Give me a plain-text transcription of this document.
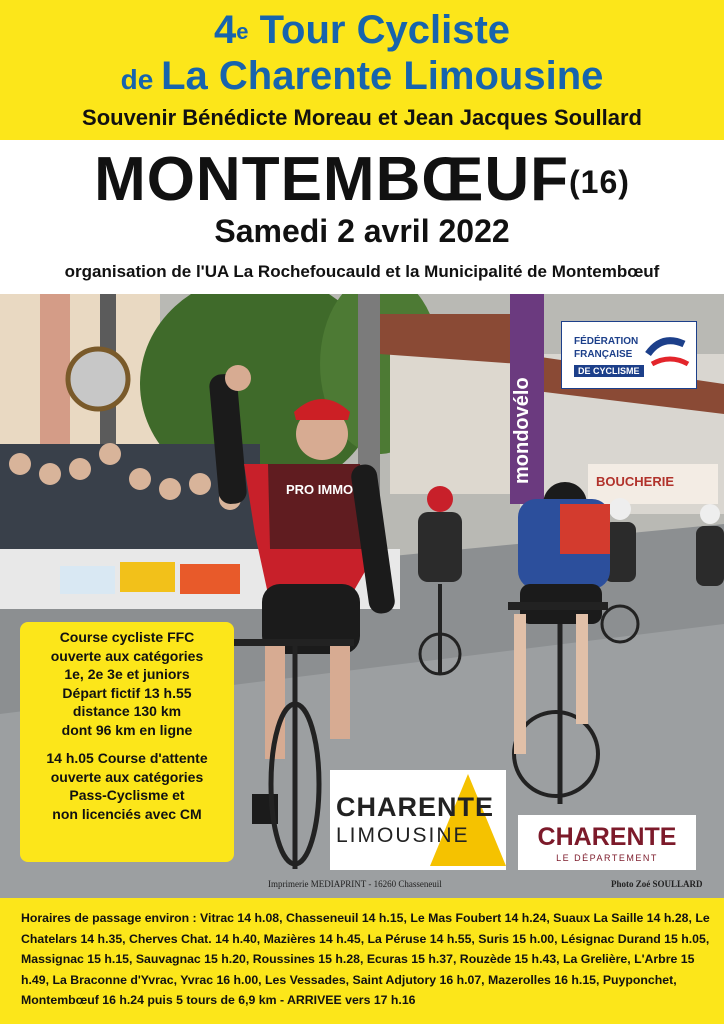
4e Tour Cycliste
de La Charente Limousine
Souvenir Bénédicte Moreau et Jean Jacques Soullard
MONTEMBŒUF$^{(16)}$
Samedi 2 avril 2022
organisation de l'UA La Rochefoucauld et la Municipalité de Montembœuf
mondovélo	BOUCHERIE
PRO IMMO
FÉDÉRATION
FRANÇAISE
DE CYCLISME
Course cycliste FFC
ouverte aux catégories
1e, 2e 3e et juniors
Départ fictif 13 h.55
distance 130 km
dont 96 km en ligne
14 h.05 Course d'attente
ouverte aux catégories
Pass-Cyclisme et
non licenciés avec CM	CHARENTE
LIMOUSINE	CHARENTE
LE DÉPARTEMENT
Imprimerie MEDIAPRINT - 16260 Chasseneuil	Photo Zoé SOULLARD

Horaires de passage environ : Vitrac 14 h.08, Chasseneuil 14 h.15, Le Mas Foubert 14 h.24, Suaux La Saille 14 h.28, Le Chatelars 14 h.35, Cherves Chat. 14 h.40, Mazières 14 h.45, La Péruse 14 h.55, Suris 15 h.00, Lésignac Durand 15 h.05, Massignac 15 h.15, Sauvagnac 15 h.20, Roussines 15 h.28, Ecuras 15 h.37, Rouzède 15 h.43, La Grelière, L'Arbre 15 h.49, La Braconne d'Yvrac, Yvrac 16 h.00, Les Vessades, Saint Adjutory 16 h.07, Mazerolles 16 h.15, Puyponchet, Montembœuf 16 h.24 puis 5 tours de 6,9 km - ARRIVEE vers 17 h.16
